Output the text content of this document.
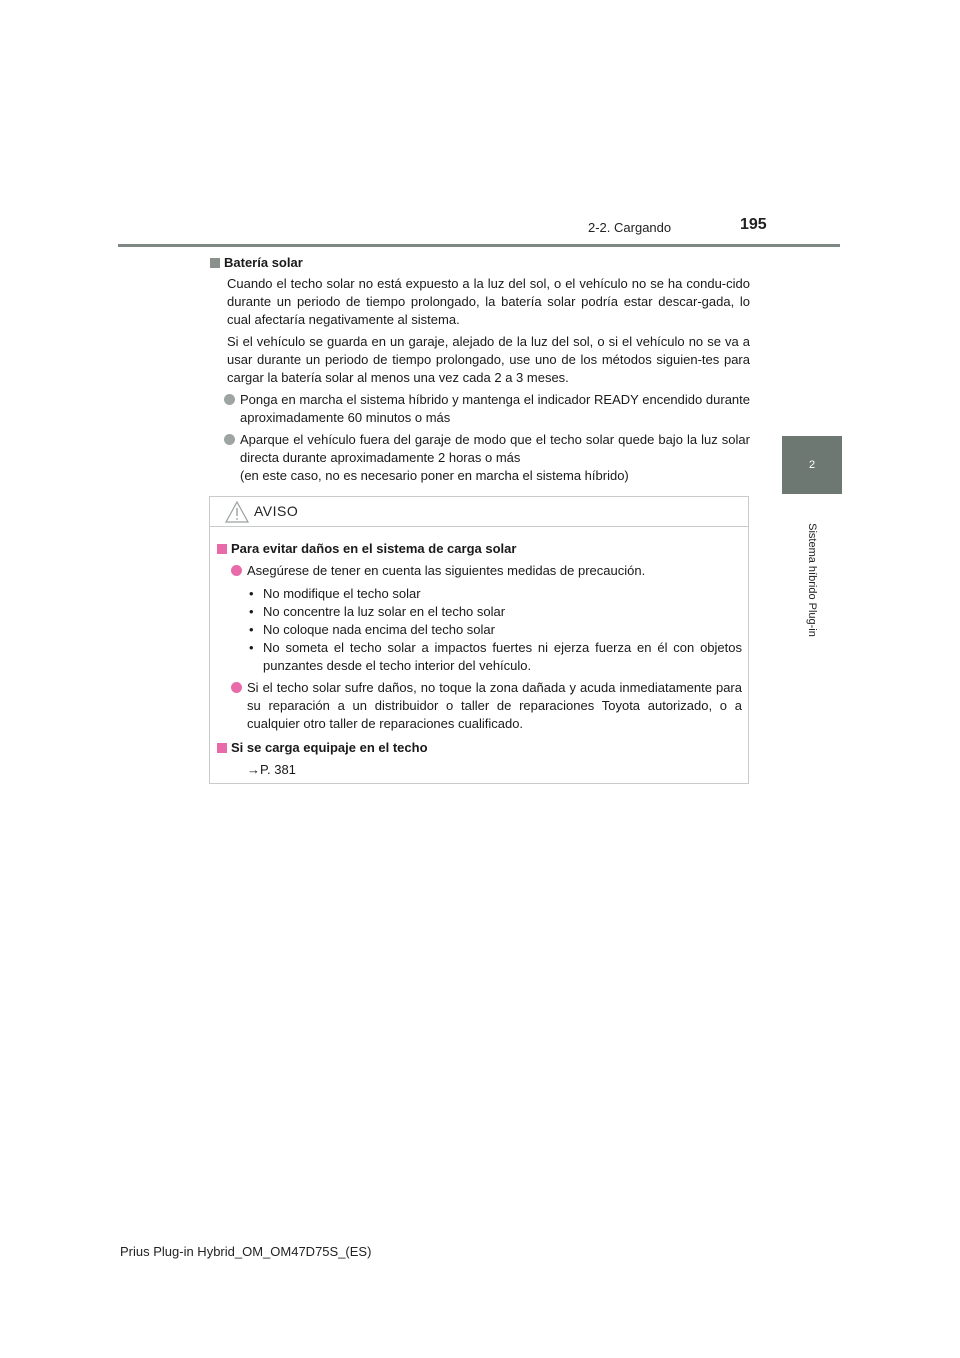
2-2. Cargando	195
2
Sistema híbrido Plug-in
Batería solar
Cuando el techo solar no está expuesto a la luz del sol, o el vehículo no se ha condu-cido durante un periodo de tiempo prolongado, la batería solar podría estar descar-gada, lo cual afectaría negativamente al sistema.
Si el vehículo se guarda en un garaje, alejado de la luz del sol, o si el vehículo no se va a usar durante un periodo de tiempo prolongado, use uno de los métodos siguien-tes para cargar la batería solar al menos una vez cada 2 a 3 meses.
Ponga en marcha el sistema híbrido y mantenga el indicador READY encendido durante aproximadamente 60 minutos o más
Aparque el vehículo fuera del garaje de modo que el techo solar quede bajo la luz solar directa durante aproximadamente 2 horas o más
(en este caso, no es necesario poner en marcha el sistema híbrido)
AVISO
Para evitar daños en el sistema de carga solar
Asegúrese de tener en cuenta las siguientes medidas de precaución.
• No modifique el techo solar
• No concentre la luz solar en el techo solar
• No coloque nada encima del techo solar
• No someta el techo solar a impactos fuertes ni ejerza fuerza en él con objetos punzantes desde el techo interior del vehículo.
Si el techo solar sufre daños, no toque la zona dañada y acuda inmediatamente para su reparación a un distribuidor o taller de reparaciones Toyota autorizado, o a cualquier otro taller de reparaciones cualificado.
Si se carga equipaje en el techo
→P. 381
Prius Plug-in Hybrid_OM_OM47D75S_(ES)
